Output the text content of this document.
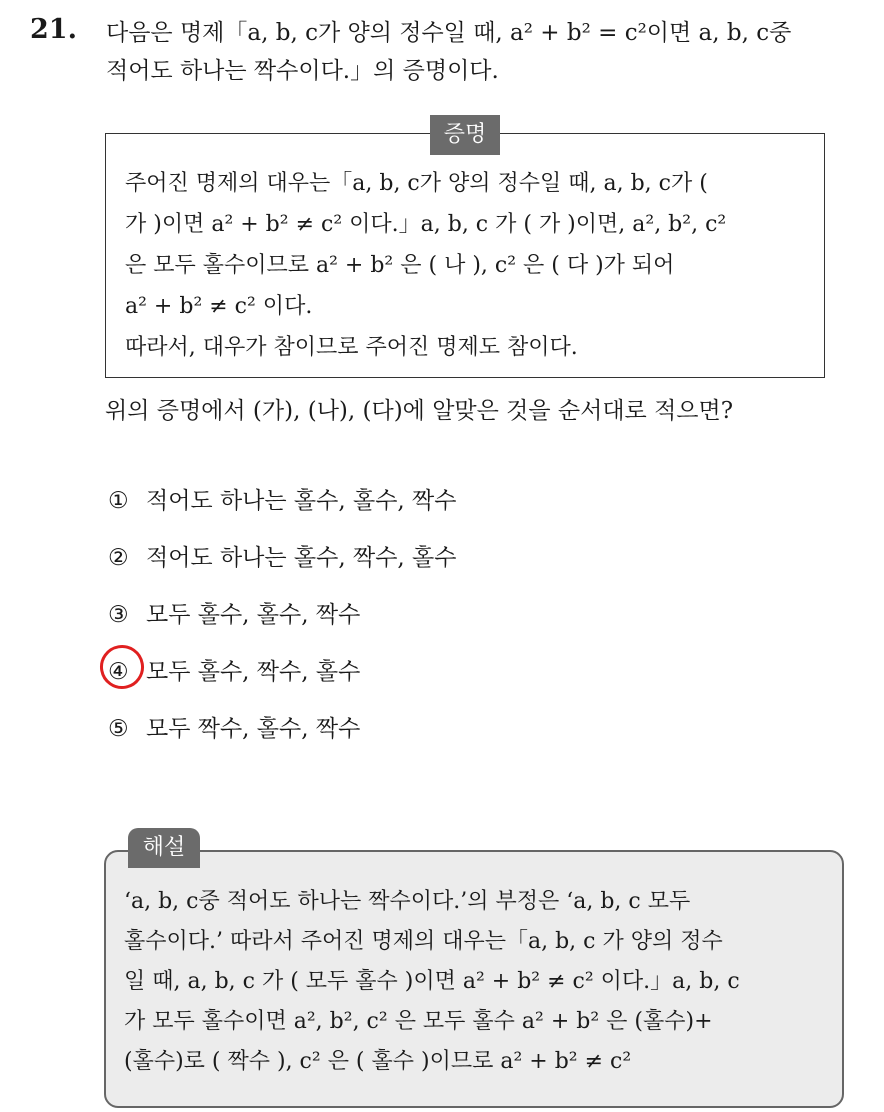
21. 다음은 명제「a, b, c가 양의 정수일 때, a² + b² = c²이면 a, b, c중
적어도 하나는 짝수이다.」의 증명이다.
증명
주어진 명제의 대우는「a, b, c가 양의 정수일 때, a, b, c가 (
가 )이면 a² + b² ≠ c² 이다.」a, b, c 가 ( 가 )이면, a², b², c²
은 모두 홀수이므로 a² + b² 은 ( 나 ), c² 은 ( 다 )가 되어
a² + b² ≠ c² 이다.
따라서, 대우가 참이므로 주어진 명제도 참이다.
위의 증명에서 (가), (나), (다)에 알맞은 것을 순서대로 적으면?
① 적어도 하나는 홀수, 홀수, 짝수
② 적어도 하나는 홀수, 짝수, 홀수
③ 모두 홀수, 홀수, 짝수
④ 모두 홀수, 짝수, 홀수
⑤ 모두 짝수, 홀수, 짝수
해설
‘a, b, c중 적어도 하나는 짝수이다.’의 부정은 ‘a, b, c 모두
홀수이다.’ 따라서 주어진 명제의 대우는「a, b, c 가 양의 정수
일 때, a, b, c 가 ( 모두 홀수 )이면 a² + b² ≠ c² 이다.」a, b, c
가 모두 홀수이면 a², b², c² 은 모두 홀수 a² + b² 은 (홀수)+
(홀수)로 ( 짝수 ), c² 은 ( 홀수 )이므로 a² + b² ≠ c²
